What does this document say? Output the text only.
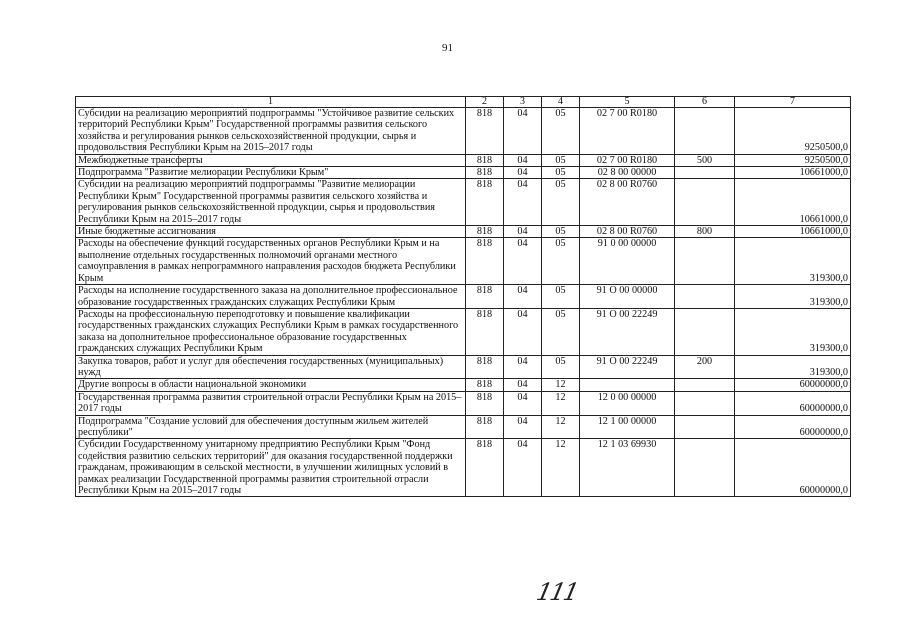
91
1	2	3	4	5	6	7
Субсидии на реализацию мероприятий подпрограммы "Устойчивое развитие сельских территорий Республики Крым" Государственной программы развития сельского хозяйства и регулирования рынков сельскохозяйственной продукции, сырья и продовольствия Республики Крым на 2015–2017 годы	818	04	05	02 7 00 R0180		9250500,0
Межбюджетные трансферты	818	04	05	02 7 00 R0180	500	9250500,0
Подпрограмма "Развитие мелиорации Республики Крым"	818	04	05	02 8 00 00000		10661000,0
Субсидии на реализацию мероприятий подпрограммы "Развитие мелиорации Республики Крым" Государственной программы развития сельского хозяйства и регулирования рынков сельскохозяйственной продукции, сырья и продовольствия Республики Крым на 2015–2017 годы	818	04	05	02 8 00 R0760		10661000,0
Иные бюджетные ассигнования	818	04	05	02 8 00 R0760	800	10661000,0
Расходы на обеспечение функций государственных органов Республики Крым и на выполнение отдельных государственных полномочий органами местного самоуправления в рамках непрограммного направления расходов бюджета Республики Крым	818	04	05	91 0 00 00000		319300,0
Расходы на исполнение государственного заказа на дополнительное профессиональное образование государственных гражданских служащих Республики Крым	818	04	05	91 О 00 00000		319300,0
Расходы на профессиональную переподготовку и повышение квалификации государственных гражданских служащих Республики Крым в рамках государственного заказа на дополнительное профессиональное образование государственных гражданских служащих Республики Крым	818	04	05	91 О 00 22249		319300,0
Закупка товаров, работ и услуг для обеспечения государственных (муниципальных) нужд	818	04	05	91 О 00 22249	200	319300,0
Другие вопросы в области национальной экономики	818	04	12			60000000,0
Государственная программа развития строительной отрасли Республики Крым на 2015–2017 годы	818	04	12	12 0 00 00000		60000000,0
Подпрограмма "Создание условий для обеспечения доступным жильем жителей республики"	818	04	12	12 1 00 00000		60000000,0
Субсидии Государственному унитарному предприятию Республики Крым "Фонд содействия развитию сельских территорий" для оказания государственной поддержки гражданам, проживающим в сельской местности, в улучшении жилищных условий в рамках реализации Государственной программы развития строительной отрасли Республики Крым на 2015–2017 годы	818	04	12	12 1 03 69930		60000000,0
111
